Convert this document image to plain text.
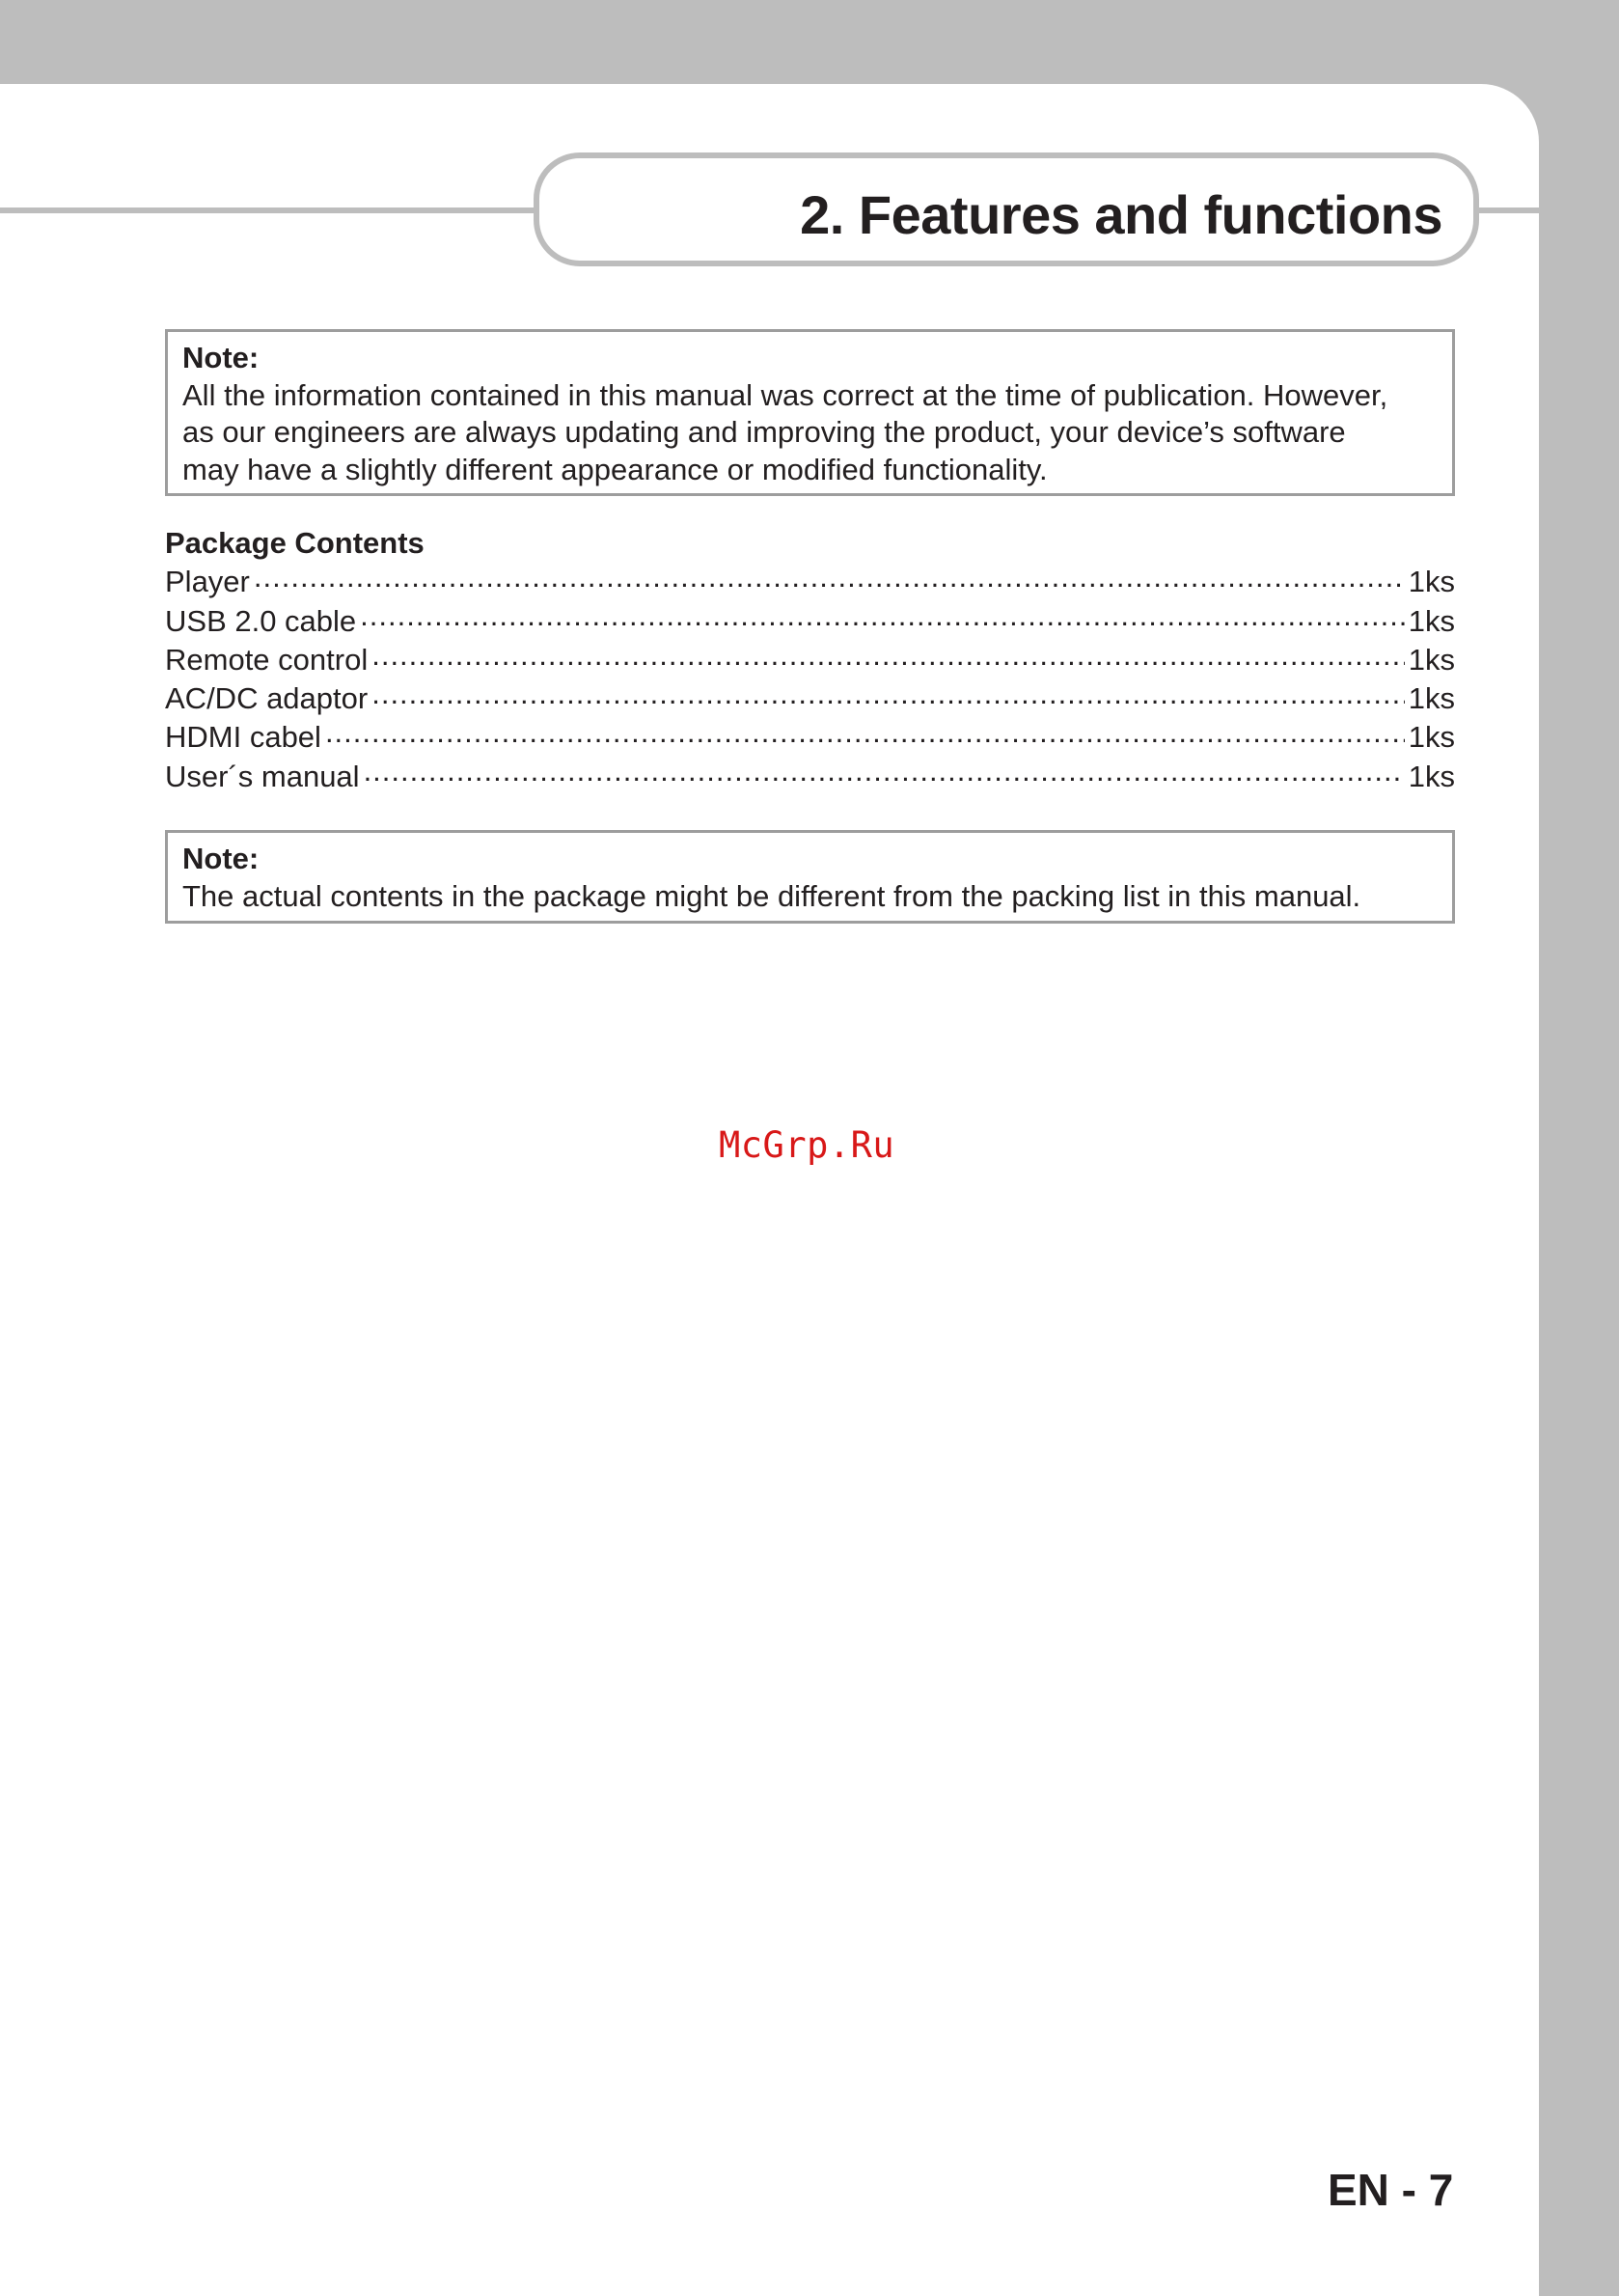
2. Features and functions
Note:
All the information contained in this manual was correct at the time of publication. However,
as our engineers are always updating and improving the product, your device’s software
may have a slightly different appearance or modified functionality.
Package Contents
Player .....	1ks
USB 2.0 cable .....	1ks
Remote control .....	1ks
AC/DC adaptor .....	1ks
HDMI cabel .....	1ks
User´s manual .....	1ks
Note:
The actual contents in the package might be different from the packing list in this manual.
McGrp.Ru
EN - 7
